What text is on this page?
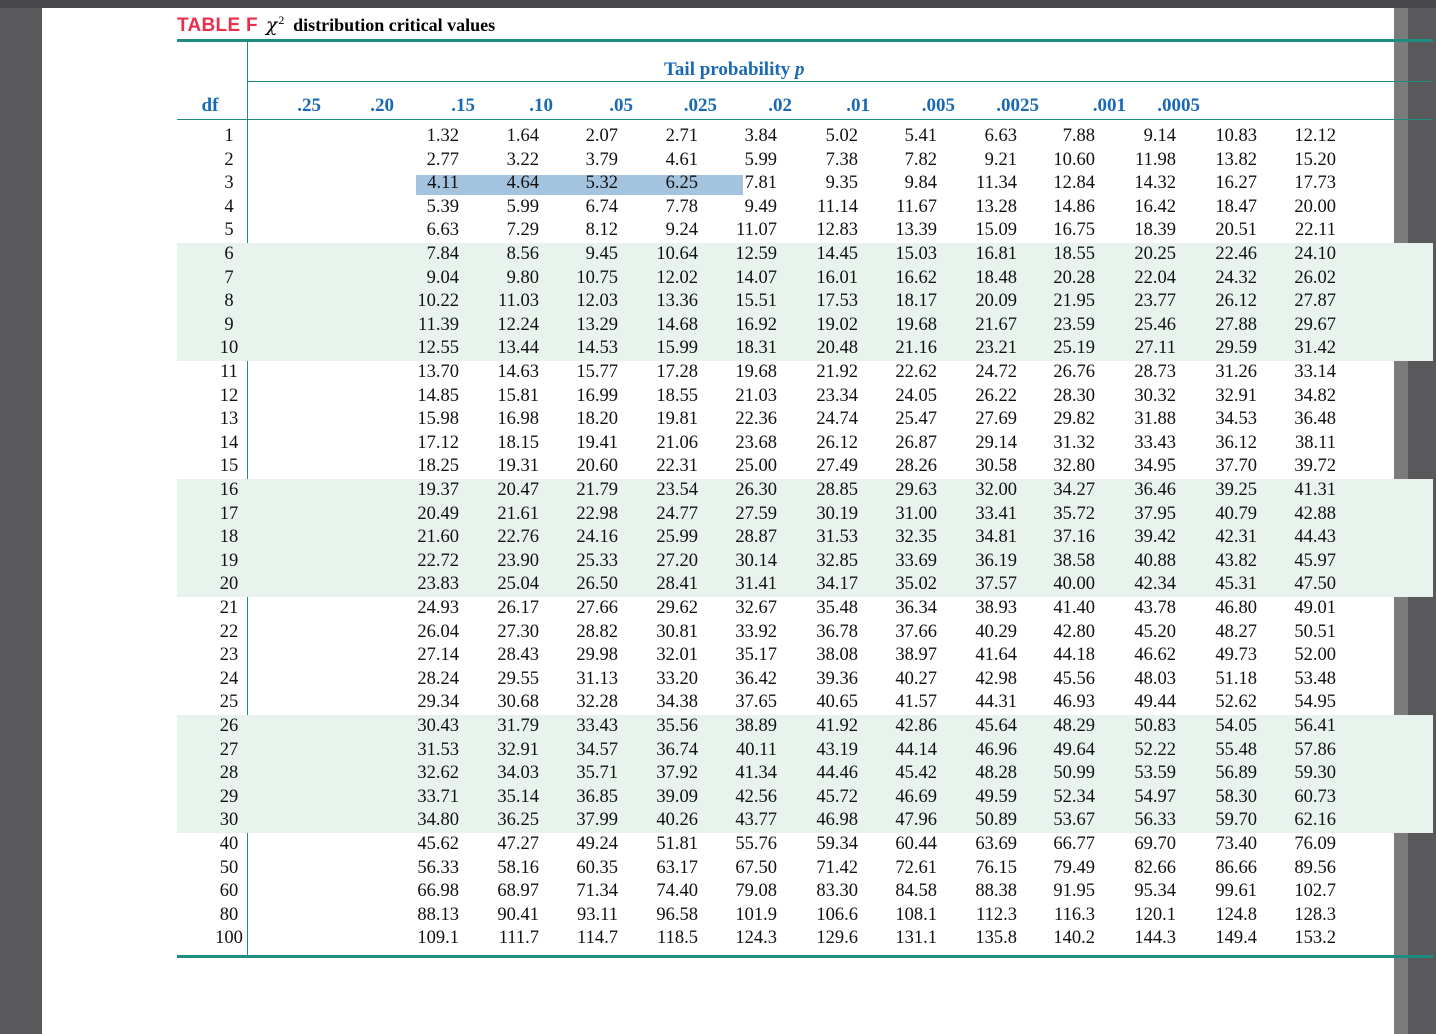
TABLE F $\chi^2$ distribution critical values
Tail probability p
df	.25	.20	.15	.10	.05	.025	.02	.01	.005	.0025	.001	.0005
1	1.32	1.64	2.07	2.71	3.84	5.02	5.41	6.63	7.88	9.14	10.83	12.12
2	2.77	3.22	3.79	4.61	5.99	7.38	7.82	9.21	10.60	11.98	13.82	15.20
3	4.11	4.64	5.32	6.25	7.81	9.35	9.84	11.34	12.84	14.32	16.27	17.73
4	5.39	5.99	6.74	7.78	9.49	11.14	11.67	13.28	14.86	16.42	18.47	20.00
5	6.63	7.29	8.12	9.24	11.07	12.83	13.39	15.09	16.75	18.39	20.51	22.11
6	7.84	8.56	9.45	10.64	12.59	14.45	15.03	16.81	18.55	20.25	22.46	24.10
7	9.04	9.80	10.75	12.02	14.07	16.01	16.62	18.48	20.28	22.04	24.32	26.02
8	10.22	11.03	12.03	13.36	15.51	17.53	18.17	20.09	21.95	23.77	26.12	27.87
9	11.39	12.24	13.29	14.68	16.92	19.02	19.68	21.67	23.59	25.46	27.88	29.67
10	12.55	13.44	14.53	15.99	18.31	20.48	21.16	23.21	25.19	27.11	29.59	31.42
11	13.70	14.63	15.77	17.28	19.68	21.92	22.62	24.72	26.76	28.73	31.26	33.14
12	14.85	15.81	16.99	18.55	21.03	23.34	24.05	26.22	28.30	30.32	32.91	34.82
13	15.98	16.98	18.20	19.81	22.36	24.74	25.47	27.69	29.82	31.88	34.53	36.48
14	17.12	18.15	19.41	21.06	23.68	26.12	26.87	29.14	31.32	33.43	36.12	38.11
15	18.25	19.31	20.60	22.31	25.00	27.49	28.26	30.58	32.80	34.95	37.70	39.72
16	19.37	20.47	21.79	23.54	26.30	28.85	29.63	32.00	34.27	36.46	39.25	41.31
17	20.49	21.61	22.98	24.77	27.59	30.19	31.00	33.41	35.72	37.95	40.79	42.88
18	21.60	22.76	24.16	25.99	28.87	31.53	32.35	34.81	37.16	39.42	42.31	44.43
19	22.72	23.90	25.33	27.20	30.14	32.85	33.69	36.19	38.58	40.88	43.82	45.97
20	23.83	25.04	26.50	28.41	31.41	34.17	35.02	37.57	40.00	42.34	45.31	47.50
21	24.93	26.17	27.66	29.62	32.67	35.48	36.34	38.93	41.40	43.78	46.80	49.01
22	26.04	27.30	28.82	30.81	33.92	36.78	37.66	40.29	42.80	45.20	48.27	50.51
23	27.14	28.43	29.98	32.01	35.17	38.08	38.97	41.64	44.18	46.62	49.73	52.00
24	28.24	29.55	31.13	33.20	36.42	39.36	40.27	42.98	45.56	48.03	51.18	53.48
25	29.34	30.68	32.28	34.38	37.65	40.65	41.57	44.31	46.93	49.44	52.62	54.95
26	30.43	31.79	33.43	35.56	38.89	41.92	42.86	45.64	48.29	50.83	54.05	56.41
27	31.53	32.91	34.57	36.74	40.11	43.19	44.14	46.96	49.64	52.22	55.48	57.86
28	32.62	34.03	35.71	37.92	41.34	44.46	45.42	48.28	50.99	53.59	56.89	59.30
29	33.71	35.14	36.85	39.09	42.56	45.72	46.69	49.59	52.34	54.97	58.30	60.73
30	34.80	36.25	37.99	40.26	43.77	46.98	47.96	50.89	53.67	56.33	59.70	62.16
40	45.62	47.27	49.24	51.81	55.76	59.34	60.44	63.69	66.77	69.70	73.40	76.09
50	56.33	58.16	60.35	63.17	67.50	71.42	72.61	76.15	79.49	82.66	86.66	89.56
60	66.98	68.97	71.34	74.40	79.08	83.30	84.58	88.38	91.95	95.34	99.61	102.7
80	88.13	90.41	93.11	96.58	101.9	106.6	108.1	112.3	116.3	120.1	124.8	128.3
100	109.1	111.7	114.7	118.5	124.3	129.6	131.1	135.8	140.2	144.3	149.4	153.2
